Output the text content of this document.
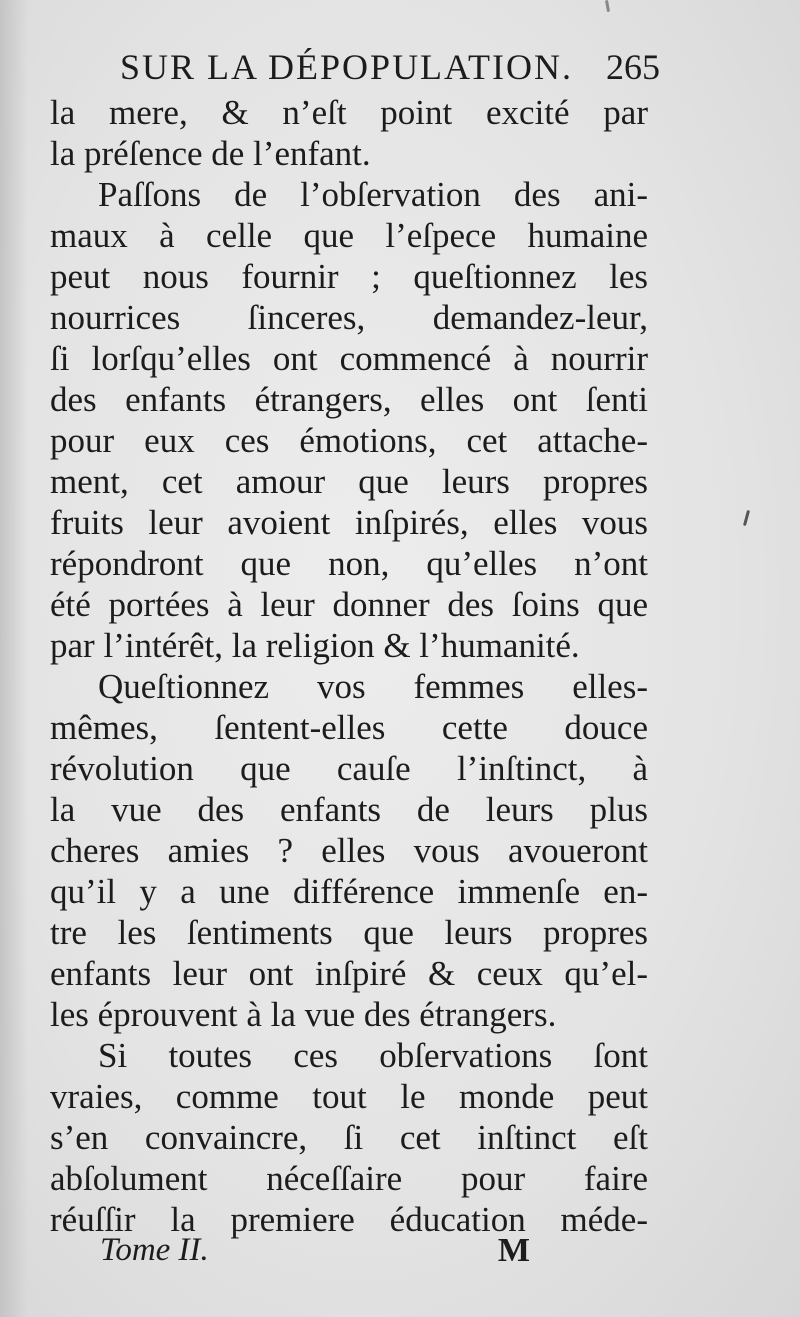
SUR LA DÉPOPULATION. 265
la mere, & n’eſt point excité par
la préſence de l’enfant.
Paſſons de l’obſervation des ani-
maux à celle que l’eſpece humaine
peut nous fournir ; queſtionnez les
nourrices ſinceres, demandez-leur,
ſi lorſqu’elles ont commencé à nourrir
des enfants étrangers, elles ont ſenti
pour eux ces émotions, cet attache-
ment, cet amour que leurs propres
fruits leur avoient inſpirés, elles vous
répondront que non, qu’elles n’ont
été portées à leur donner des ſoins que
par l’intérêt, la religion & l’humanité.
Queſtionnez vos femmes elles-
mêmes, ſentent-elles cette douce
révolution que cauſe l’inſtinct, à
la vue des enfants de leurs plus
cheres amies ? elles vous avoueront
qu’il y a une différence immenſe en-
tre les ſentiments que leurs propres
enfants leur ont inſpiré & ceux qu’el-
les éprouvent à la vue des étrangers.
Si toutes ces obſervations ſont
vraies, comme tout le monde peut
s’en convaincre, ſi cet inſtinct eſt
abſolument néceſſaire pour faire
réuſſir la premiere éducation méde-
Tome II.	M
